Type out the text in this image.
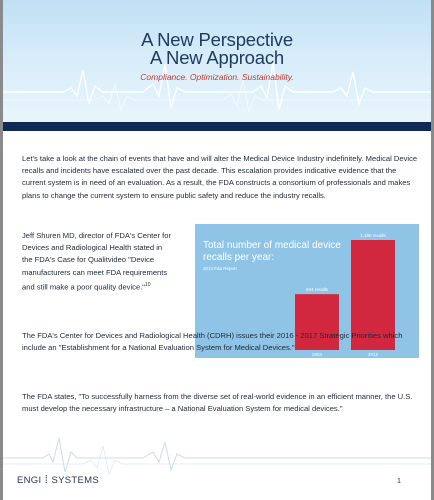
A New Perspective
A New Approach
Compliance. Optimization. Sustainability.
Let's take a look at the chain of events that have and will alter the Medical Device Industry indefinitely. Medical Device recalls and incidents have escalated over the past decade. This escalation provides indicative evidence that the current system is in need of an evaluation. As a result, the FDA constructs a consortium of professionals and makes plans to change the current system to ensure public safety and reduce the industry recalls.
Jeff Shuren MD, director of FDA's Center for Devices and Radiological Health stated in the FDA's Case for Qualitvideo "Device manufacturers can meet FDA requirements and still make a poor quality device."$^{10}$
Total number of medical device
recalls per year:
2014 Fda Report
604 recalls
2003
1,190 recalls
2012
The FDA's Center for Devices and Radiological Health (CDRH) issues their 2016 - 2017 Strategic Priorities which include an "Establishment for a National Evaluation System for Medical Devices."
The FDA states, "To successfully harness from the diverse set of real-world evidence in an efficient manner, the U.S. must develop the necessary infrastructure – a National Evaluation System for medical devices."
ENGI ⁞ SYSTEMS	1
